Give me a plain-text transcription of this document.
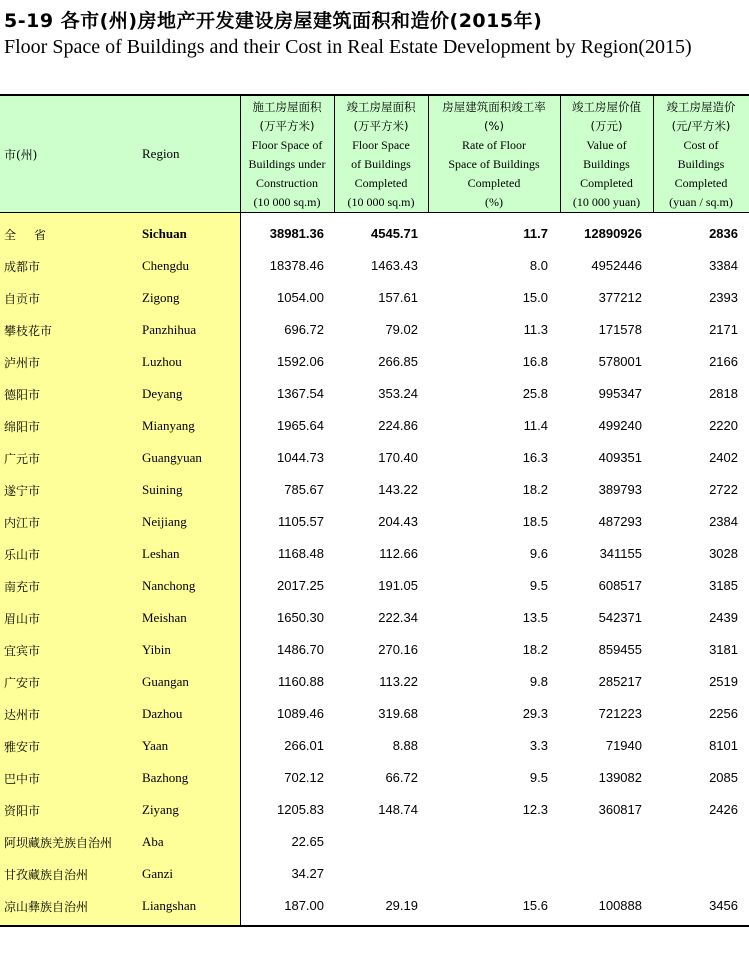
5-19 各市(州)房地产开发建设房屋建筑面积和造价(2015年)
Floor Space of Buildings and their Cost in Real Estate Development by Region(2015)
市(州)	Region
施工房屋面积
(万平方米)
Floor Space of
Buildings under
Construction
(10 000 sq.m)
竣工房屋面积
(万平方米)
Floor Space
of Buildings
Completed
(10 000 sq.m)
房屋建筑面积竣工率
(%)
Rate of Floor
Space of Buildings
Completed
(%)
竣工房屋价值
(万元)
Value of
Buildings
Completed
(10 000 yuan)
竣工房屋造价
(元/平方米)
Cost of
Buildings
Completed
(yuan / sq.m)
全省	Sichuan	38981.36	4545.71	11.7	12890926	2836
成都市	Chengdu	18378.46	1463.43	8.0	4952446	3384
自贡市	Zigong	1054.00	157.61	15.0	377212	2393
攀枝花市	Panzhihua	696.72	79.02	11.3	171578	2171
泸州市	Luzhou	1592.06	266.85	16.8	578001	2166
德阳市	Deyang	1367.54	353.24	25.8	995347	2818
绵阳市	Mianyang	1965.64	224.86	11.4	499240	2220
广元市	Guangyuan	1044.73	170.40	16.3	409351	2402
遂宁市	Suining	785.67	143.22	18.2	389793	2722
内江市	Neijiang	1105.57	204.43	18.5	487293	2384
乐山市	Leshan	1168.48	112.66	9.6	341155	3028
南充市	Nanchong	2017.25	191.05	9.5	608517	3185
眉山市	Meishan	1650.30	222.34	13.5	542371	2439
宜宾市	Yibin	1486.70	270.16	18.2	859455	3181
广安市	Guangan	1160.88	113.22	9.8	285217	2519
达州市	Dazhou	1089.46	319.68	29.3	721223	2256
雅安市	Yaan	266.01	8.88	3.3	71940	8101
巴中市	Bazhong	702.12	66.72	9.5	139082	2085
资阳市	Ziyang	1205.83	148.74	12.3	360817	2426
阿坝藏族羌族自治州 Aba	22.65
甘孜藏族自治州	Ganzi	34.27
凉山彝族自治州	Liangshan	187.00	29.19	15.6	100888	3456
